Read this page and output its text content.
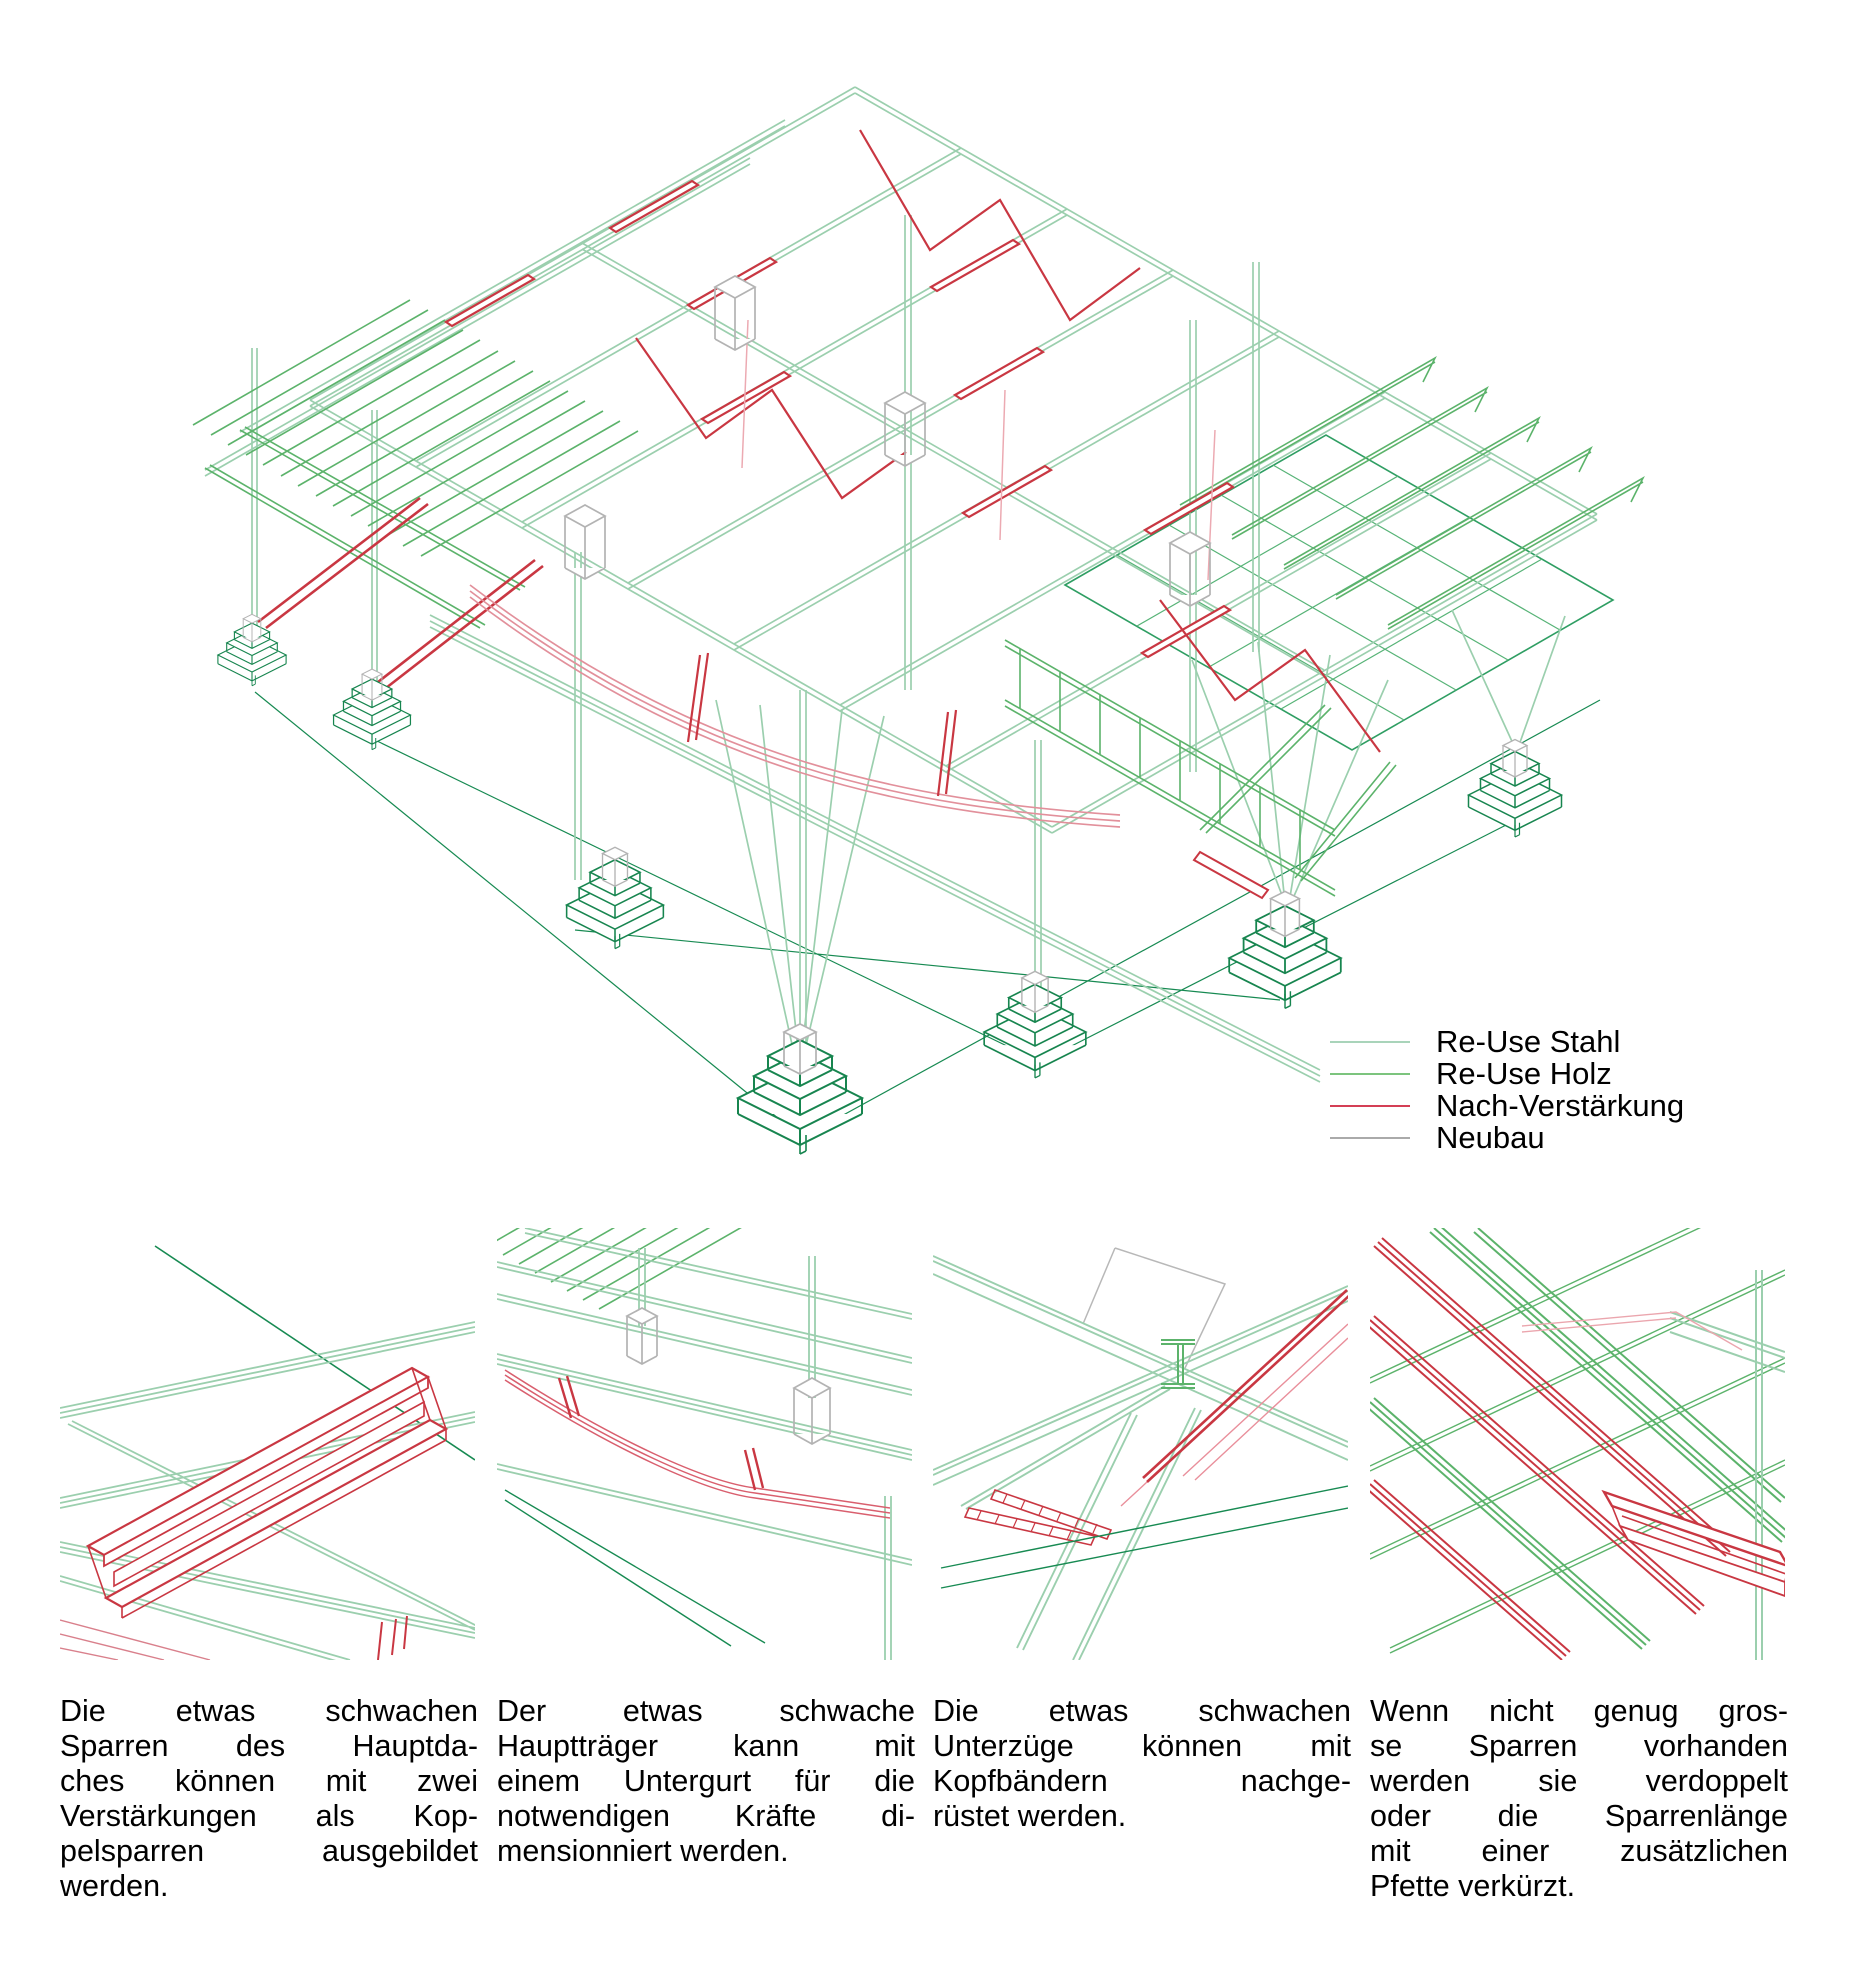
Re-Use Stahl
Re-Use Holz
Nach-Verstärkung
Neubau
Die etwas schwachen
Sparren des Hauptda-
ches können mit zwei
Verstärkungen als Kop-
pelsparren ausgebildet
werden.
Der etwas schwache
Hauptträger kann mit
einem Untergurt für die
notwendigen Kräfte di-
mensionniert werden.
Die etwas schwachen
Unterzüge können mit
Kopfbändern nachge-
rüstet werden.
Wenn nicht genug gros-
se Sparren vorhanden
werden sie verdoppelt
oder die Sparrenlänge
mit einer zusätzlichen
Pfette verkürzt.
